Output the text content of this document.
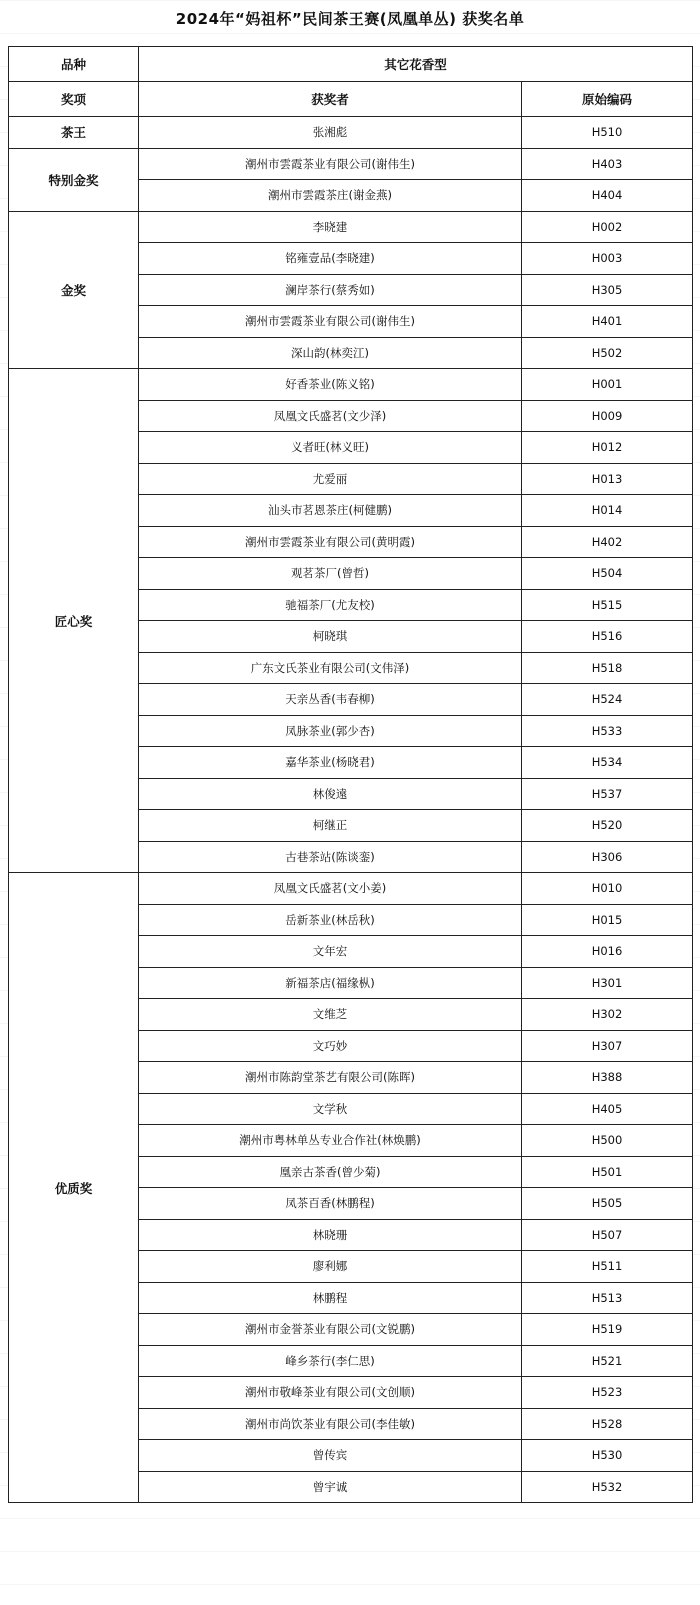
2024年“妈祖杯”民间茶王赛(凤凰单丛) 获奖名单
品种	其它花香型	
奖项	获奖者	原始编码
茶王	张湘彪	H510
特别金奖	潮州市雲霞茶业有限公司(谢伟生)	H403
	潮州市雲霞茶庄(谢金燕)	H404
金奖	李晓建	H002
	铭雍壹品(李晓建)	H003
	澜岸茶行(蔡秀如)	H305
	潮州市雲霞茶业有限公司(谢伟生)	H401
	深山韵(林奕江)	H502
匠心奖	好香茶业(陈义铭)	H001
	凤凰文氏盛茗(文少泽)	H009
	义者旺(林义旺)	H012
	尤爱丽	H013
	汕头市茗恩茶庄(柯健鹏)	H014
	潮州市雲霞茶业有限公司(黄明霞)	H402
	观茗茶厂(曾哲)	H504
	驰福茶厂(尤友校)	H515
	柯晓琪	H516
	广东文氏茶业有限公司(文伟泽)	H518
	天亲丛香(韦春柳)	H524
	凤脉茶业(郭少杏)	H533
	嘉华茶业(杨晓君)	H534
	林俊遠	H537
	柯继正	H520
	古巷茶站(陈谈銮)	H306
优质奖	凤凰文氏盛茗(文小姜)	H010
	岳新茶业(林岳秋)	H015
	文年宏	H016
	新福茶店(福缘枞)	H301
	文维芝	H302
	文巧妙	H307
	潮州市陈韵堂茶艺有限公司(陈晖)	H388
	文学秋	H405
	潮州市粤林单丛专业合作社(林焕鹏)	H500
	凰亲古茶香(曾少菊)	H501
	凤茶百香(林鹏程)	H505
	林晓珊	H507
	廖利娜	H511
	林鹏程	H513
	潮州市金誉茶业有限公司(文锐鹏)	H519
	峰乡茶行(李仁思)	H521
	潮州市敬峰茶业有限公司(文创顺)	H523
	潮州市尚饮茶业有限公司(李佳敏)	H528
	曾传宾	H530
	曾宇诚	H532
